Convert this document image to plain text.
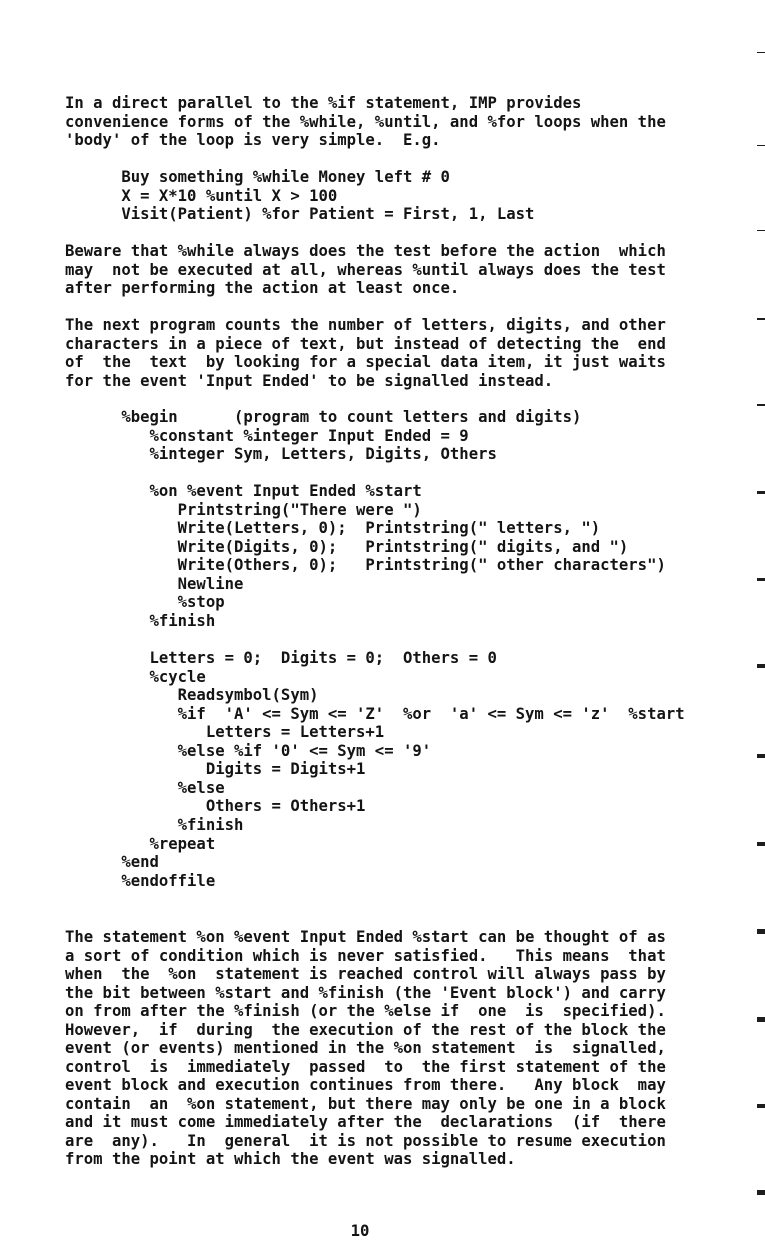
In a direct parallel to the %if statement, IMP provides
convenience forms of the %while, %until, and %for loops when the
'body' of the loop is very simple.  E.g.
Buy something %while Money left # 0
X = X*10 %until X > 100
Visit(Patient) %for Patient = First, 1, Last
Beware that %while always does the test before the action  which
may  not be executed at all, whereas %until always does the test
after performing the action at least once.
The next program counts the number of letters, digits, and other
characters in a piece of text, but instead of detecting the  end
of  the  text  by looking for a special data item, it just waits
for the event 'Input Ended' to be signalled instead.
%begin      (program to count letters and digits)
%constant %integer Input Ended = 9
%integer Sym, Letters, Digits, Others

%on %event Input Ended %start
Printstring("There were ")
Write(Letters, 0);  Printstring(" letters, ")
Write(Digits, 0);   Printstring(" digits, and ")
Write(Others, 0);   Printstring(" other characters")
Newline
%stop
%finish

Letters = 0;  Digits = 0;  Others = 0
%cycle
Readsymbol(Sym)
%if  'A' <= Sym <= 'Z'  %or  'a' <= Sym <= 'z'  %start
Letters = Letters+1
%else %if '0' <= Sym <= '9'
Digits = Digits+1
%else
Others = Others+1
%finish
%repeat
%end
%endoffile
The statement %on %event Input Ended %start can be thought of as
a sort of condition which is never satisfied.   This means  that
when  the  %on  statement is reached control will always pass by
the bit between %start and %finish (the 'Event block') and carry
on from after the %finish (or the %else if  one  is  specified).
However,  if  during  the execution of the rest of the block the
event (or events) mentioned in the %on statement  is  signalled,
control  is  immediately  passed  to  the first statement of the
event block and execution continues from there.   Any block  may
contain  an  %on statement, but there may only be one in a block
and it must come immediately after the  declarations  (if  there
are  any).   In  general  it is not possible to resume execution
from the point at which the event was signalled.
10
